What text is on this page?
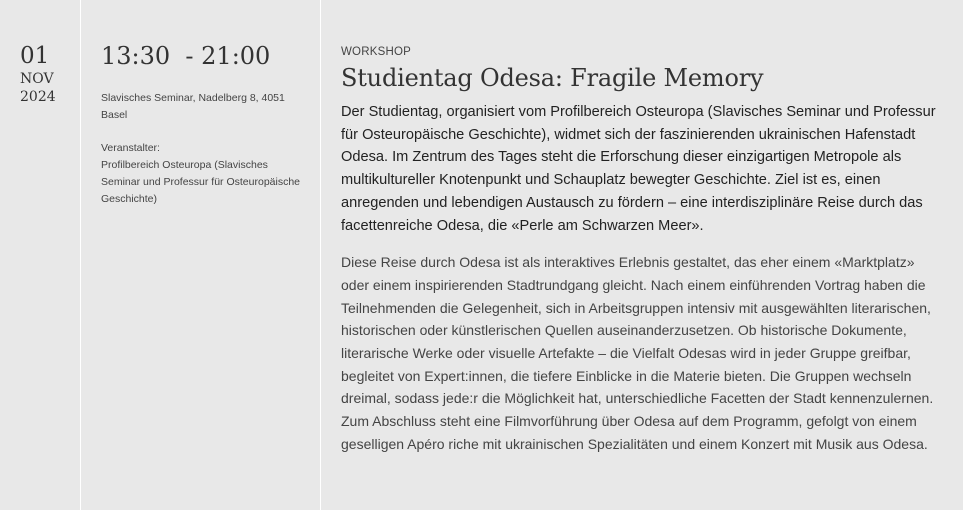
01
NOV
2024
13:30  - 21:00
Slavisches Seminar, Nadelberg 8, 4051 Basel
Veranstalter:
Profilbereich Osteuropa (Slavisches Seminar und Professur für Osteuropäische Geschichte)
WORKSHOP
Studientag Odesa: Fragile Memory

Der Studientag, organisiert vom Profilbereich Osteuropa (Slavisches Seminar und Professur für Osteuropäische Geschichte), widmet sich der faszinierenden ukrainischen Hafenstadt Odesa. Im Zentrum des Tages steht die Erforschung dieser einzigartigen Metropole als multikultureller Knotenpunkt und Schauplatz bewegter Geschichte. Ziel ist es, einen anregenden und lebendigen Austausch zu fördern – eine interdisziplinäre Reise durch das facettenreiche Odesa, die «Perle am Schwarzen Meer».

Diese Reise durch Odesa ist als interaktives Erlebnis gestaltet, das eher einem «Marktplatz» oder einem inspirierenden Stadtrundgang gleicht. Nach einem einführenden Vortrag haben die Teilnehmenden die Gelegenheit, sich in Arbeitsgruppen intensiv mit ausgewählten literarischen, historischen oder künstlerischen Quellen auseinanderzusetzen. Ob historische Dokumente, literarische Werke oder visuelle Artefakte – die Vielfalt Odesas wird in jeder Gruppe greifbar, begleitet von Expert:innen, die tiefere Einblicke in die Materie bieten. Die Gruppen wechseln dreimal, sodass jede:r die Möglichkeit hat, unterschiedliche Facetten der Stadt kennenzulernen. Zum Abschluss steht eine Filmvorführung über Odesa auf dem Programm, gefolgt von einem geselligen Apéro riche mit ukrainischen Spezialitäten und einem Konzert mit Musik aus Odesa.
